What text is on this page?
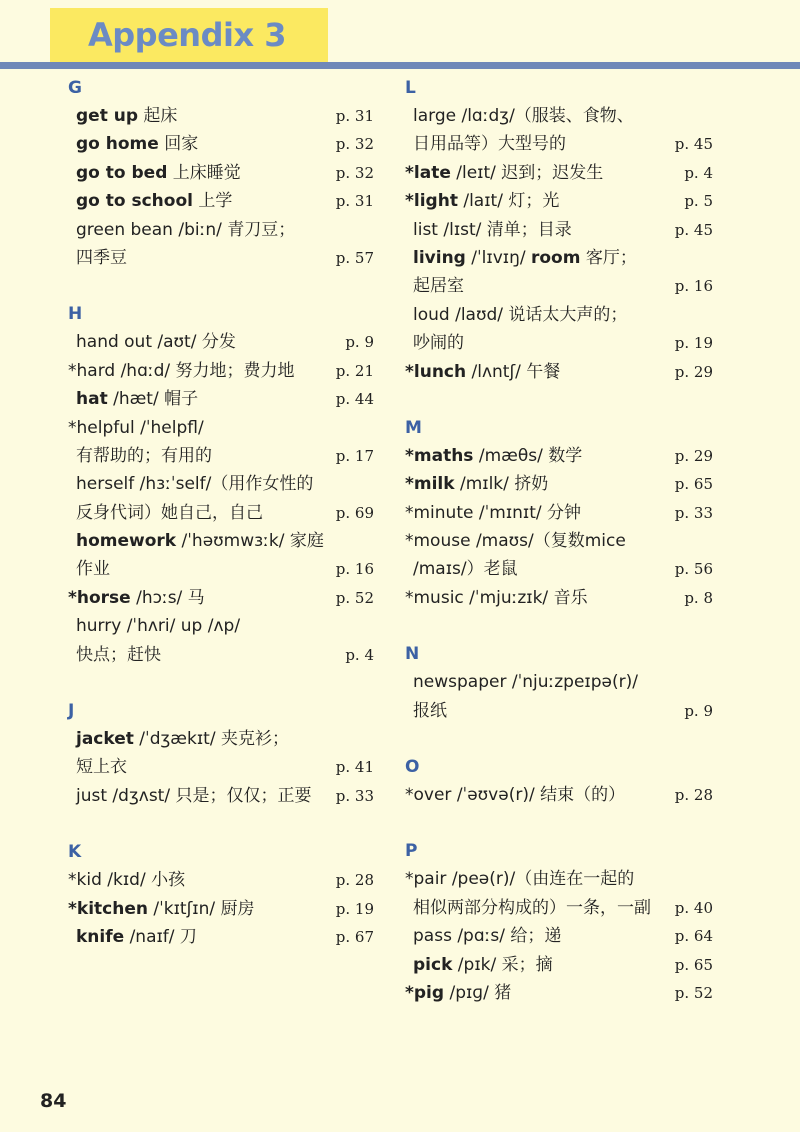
Appendix 3
G
get up 起床	p. 31
go home 回家	p. 32
go to bed 上床睡觉	p. 32
go to school 上学	p. 31
green bean /biːn/ 青刀豆；
四季豆	p. 57
H
hand out /aʊt/ 分发	p. 9
*hard /hɑːd/ 努力地；费力地	p. 21
hat /hæt/ 帽子	p. 44
*helpful /ˈhelpfl/
有帮助的；有用的	p. 17
herself /hɜːˈself/（用作女性的
反身代词）她自己，自己	p. 69
homework /ˈhəʊmwɜːk/ 家庭
作业	p. 16
*horse /hɔːs/ 马	p. 52
hurry /ˈhʌri/ up /ʌp/
快点；赶快	p. 4
J
jacket /ˈdʒækɪt/ 夹克衫；
短上衣	p. 41
just /dʒʌst/ 只是；仅仅；正要 p. 33
K
*kid /kɪd/ 小孩	p. 28
*kitchen /ˈkɪtʃɪn/ 厨房	p. 19
knife /naɪf/ 刀	p. 67
L
large /lɑːdʒ/（服装、食物、
日用品等）大型号的	p. 45
*late /leɪt/ 迟到；迟发生	p. 4
*light /laɪt/ 灯；光	p. 5
list /lɪst/ 清单；目录	p. 45
living /ˈlɪvɪŋ/ room 客厅；
起居室	p. 16
loud /laʊd/ 说话太大声的；
吵闹的	p. 19
*lunch /lʌntʃ/ 午餐	p. 29
M
*maths /mæθs/ 数学	p. 29
*milk /mɪlk/ 挤奶	p. 65
*minute /ˈmɪnɪt/ 分钟	p. 33
*mouse /maʊs/（复数mice
/maɪs/）老鼠	p. 56
*music /ˈmjuːzɪk/ 音乐	p. 8
N
newspaper /ˈnjuːzpeɪpə(r)/
报纸	p. 9
O
*over /ˈəʊvə(r)/ 结束（的）	p. 28
P
*pair /peə(r)/（由连在一起的
相似两部分构成的）一条，一副 p. 40
pass /pɑːs/ 给；递	p. 64
pick /pɪk/ 采；摘	p. 65
*pig /pɪɡ/ 猪	p. 52
84
